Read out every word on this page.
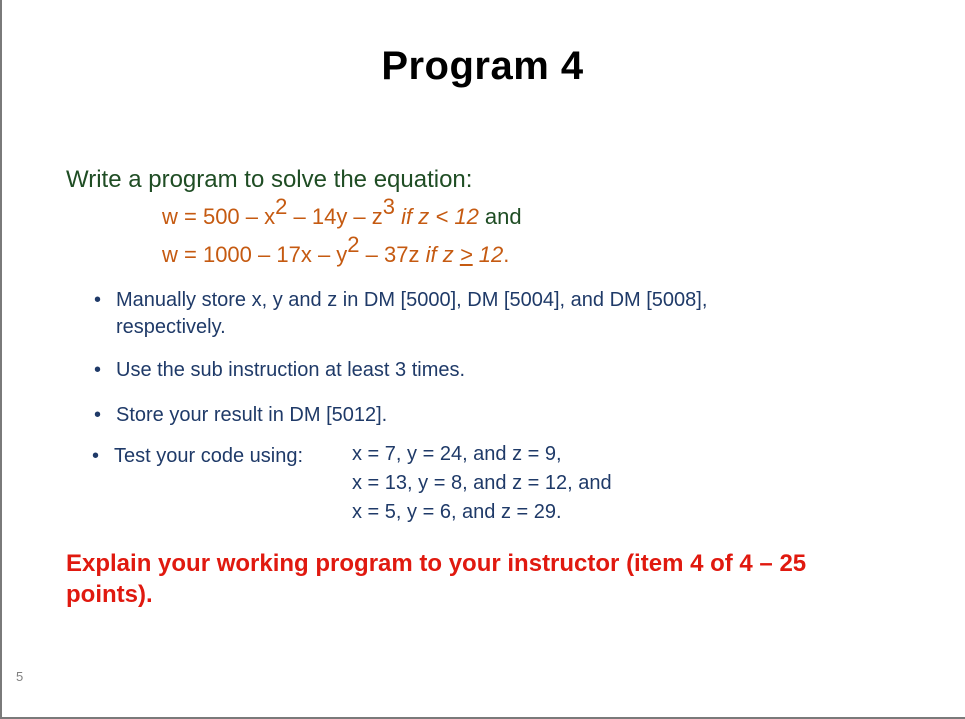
Program 4
Write a program to solve the equation:
$w = 500 - x^2 - 14y - z^3$ if z < 12 and
$w = 1000 - 17x - y^2 - 37z$ if z > 12.
• Manually store x, y and z in DM [5000], DM [5004], and DM [5008], respectively.
• Use the sub instruction at least 3 times.
• Store your result in DM [5012].
• Test your code using: x = 7, y = 24, and z = 9,
x = 13, y = 8, and z = 12, and
x = 5, y = 6, and z = 29.
Explain your working program to your instructor (item 4 of 4 – 25 points).
5
